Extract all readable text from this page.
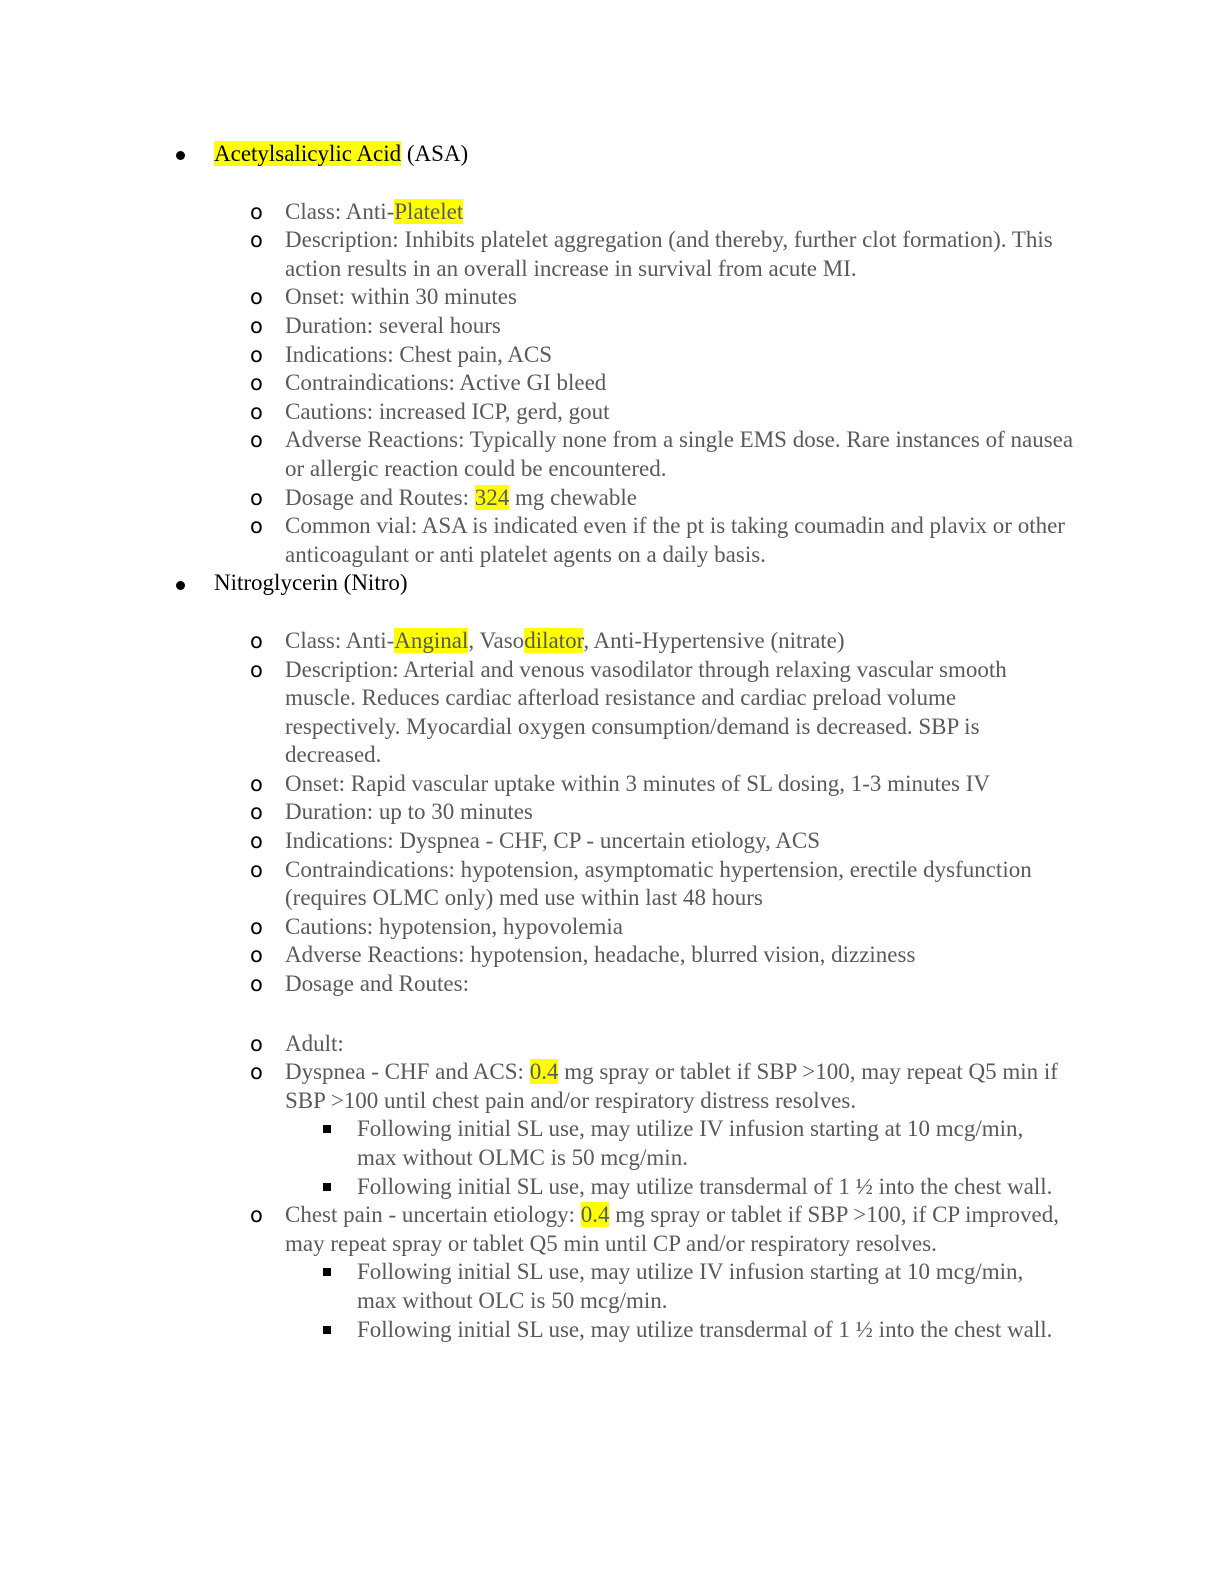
Acetylsalicylic Acid (ASA)
o Class: Anti-Platelet
o Description: Inhibits platelet aggregation (and thereby, further clot formation). This action results in an overall increase in survival from acute MI.
o Onset: within 30 minutes
o Duration: several hours
o Indications: Chest pain, ACS
o Contraindications: Active GI bleed
o Cautions: increased ICP, gerd, gout
o Adverse Reactions: Typically none from a single EMS dose. Rare instances of nausea or allergic reaction could be encountered.
o Dosage and Routes: 324 mg chewable
o Common vial: ASA is indicated even if the pt is taking coumadin and plavix or other anticoagulant or anti platelet agents on a daily basis.
Nitroglycerin (Nitro)
o Class: Anti-Anginal, Vasodilator, Anti-Hypertensive (nitrate)
o Description: Arterial and venous vasodilator through relaxing vascular smooth muscle. Reduces cardiac afterload resistance and cardiac preload volume respectively. Myocardial oxygen consumption/demand is decreased. SBP is decreased.
o Onset: Rapid vascular uptake within 3 minutes of SL dosing, 1-3 minutes IV
o Duration: up to 30 minutes
o Indications: Dyspnea - CHF, CP - uncertain etiology, ACS
o Contraindications: hypotension, asymptomatic hypertension, erectile dysfunction (requires OLMC only) med use within last 48 hours
o Cautions: hypotension, hypovolemia
o Adverse Reactions: hypotension, headache, blurred vision, dizziness
o Dosage and Routes:
o Adult:
o Dyspnea - CHF and ACS: 0.4 mg spray or tablet if SBP >100, may repeat Q5 min if SBP >100 until chest pain and/or respiratory distress resolves.
Following initial SL use, may utilize IV infusion starting at 10 mcg/min, max without OLMC is 50 mcg/min.
Following initial SL use, may utilize transdermal of 1 ½ into the chest wall.
o Chest pain - uncertain etiology: 0.4 mg spray or tablet if SBP >100, if CP improved, may repeat spray or tablet Q5 min until CP and/or respiratory resolves.
Following initial SL use, may utilize IV infusion starting at 10 mcg/min, max without OLC is 50 mcg/min.
Following initial SL use, may utilize transdermal of 1 ½ into the chest wall.
